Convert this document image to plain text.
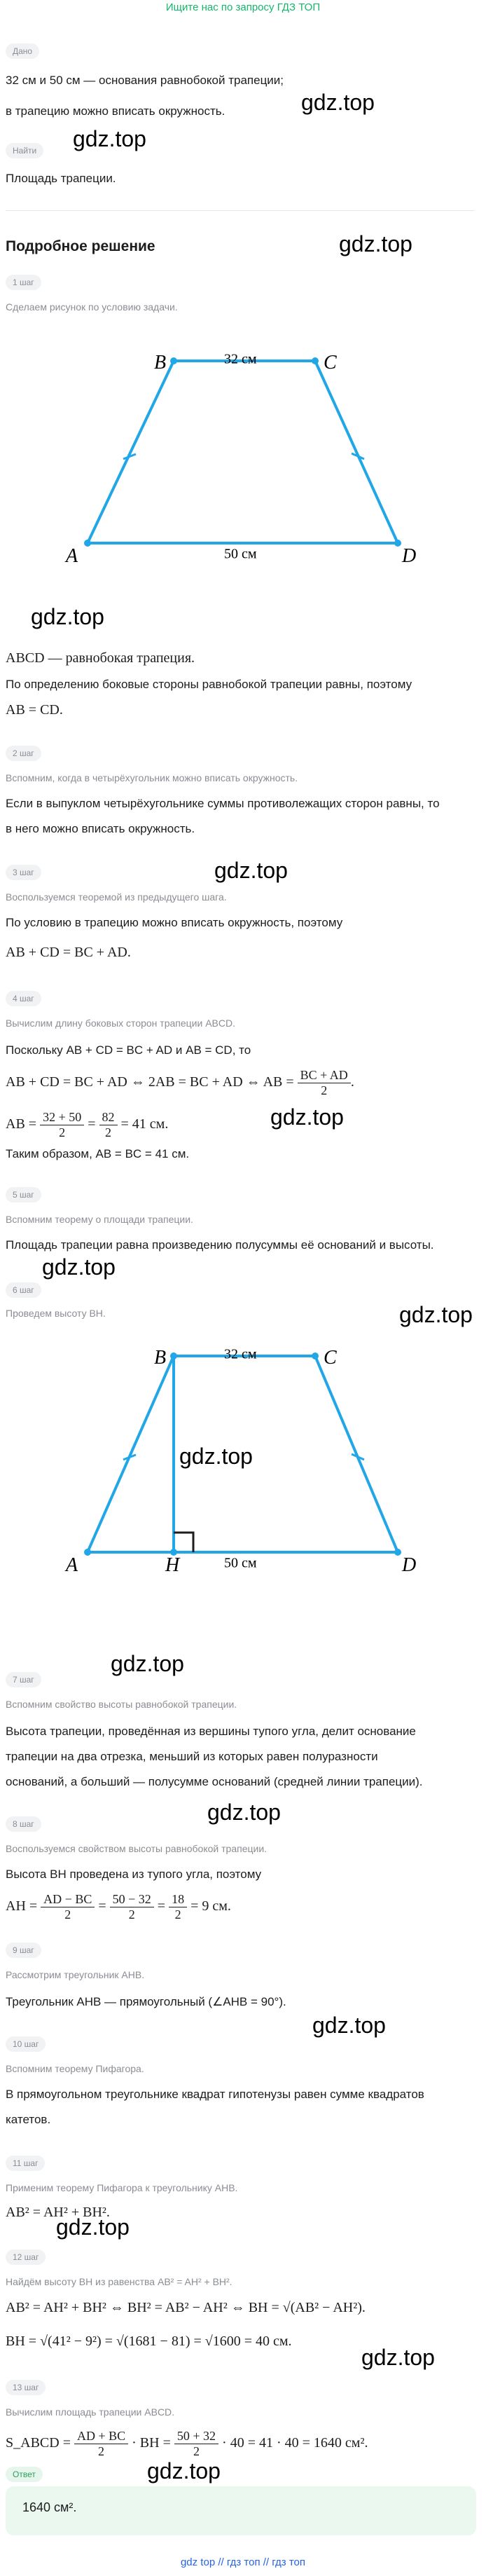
Ищите нас по запросу ГДЗ ТОП
Дано
32 см и 50 см — основания равнобокой трапеции;
в трапецию можно вписать окружность.
Найти
Площадь трапеции.
Подробное решение
1 шаг
Сделаем рисунок по условию задачи.
B	C
A	D
32 см
50 см
ABCD — равнобокая трапеция.
По определению боковые стороны равнобокой трапеции равны, поэтому
AB = CD.
2 шаг
Вспомним, когда в четырёхугольник можно вписать окружность.
Если в выпуклом четырёхугольнике суммы противолежащих сторон равны, то
в него можно вписать окружность.
3 шаг
Воспользуемся теоремой из предыдущего шага.
По условию в трапецию можно вписать окружность, поэтому
AB + CD = BC + AD.
4 шаг
Вычислим длину боковых сторон трапеции ABCD.
Поскольку AB + CD = BC + AD и AB = CD, то
AB + CD = BC + AD ⇔ 2AB = BC + AD ⇔ AB = $\frac{BC + AD}{2}$ .
AB = $\frac{32 + 50}{2} = \frac{82}{2} = 41$ см.
Таким образом, AB = BC = 41 см.
5 шаг
Вспомним теорему о площади трапеции.
Площадь трапеции равна произведению полусуммы её оснований и высоты.
6 шаг
Проведем высоту BH.
B	C
A	D
H
32 см
50 см
7 шаг
Вспомним свойство высоты равнобокой трапеции.
Высота трапеции, проведённая из вершины тупого угла, делит основание
трапеции на два отрезка, меньший из которых равен полуразности
оснований, а больший — полусумме оснований (средней линии трапеции).
8 шаг
Воспользуемся свойством высоты равнобокой трапеции.
Высота BH проведена из тупого угла, поэтому
AH = $\frac{AD - BC}{2} = \frac{50 - 32}{2} = \frac{18}{2} = 9$ см.
9 шаг
Рассмотрим треугольник AHB.
Треугольник AHB — прямоугольный (∠AHB = 90°).
10 шаг
Вспомним теорему Пифагора.
В прямоугольном треугольнике квадрат гипотенузы равен сумме квадратов
катетов.
11 шаг
Применим теорему Пифагора к треугольнику AHB.
AB² = AH² + BH².
12 шаг
Найдём высоту BH из равенства AB² = AH² + BH².
AB² = AH² + BH² ⇔ BH² = AB² − AH² ⇔ BH = √(AB² − AH²).
BH = √(41² − 9²) = √(1681 − 81) = √1600 = 40 см.
13 шаг
Вычислим площадь трапеции ABCD.
S_ABCD = $\frac{AD + BC}{2}$ · BH = $\frac{50 + 32}{2} \cdot 40 = 41 \cdot 40 = 1640$ см².
Ответ
1640 см².
gdz top // гдз топ // гдз топ
gdz.top
gdz.top
gdz.top
gdz.top
gdz.top
gdz.top
gdz.top
gdz.top
gdz.top
gdz.top
gdz.top
gdz.top
gdz.top
gdz.top
gdz.top
